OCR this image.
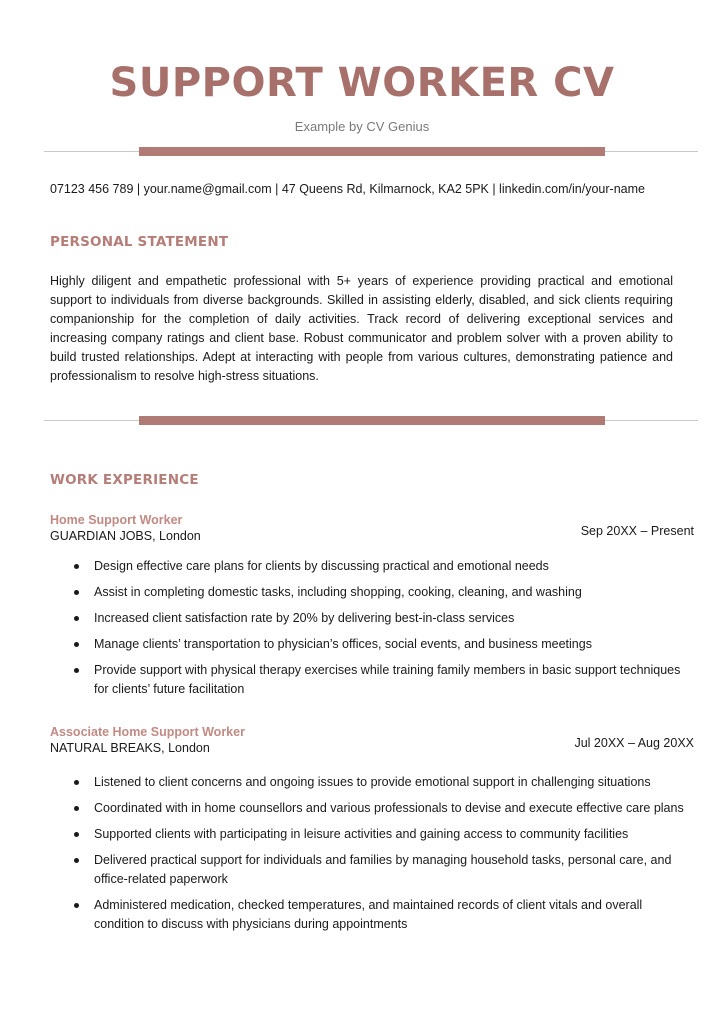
SUPPORT WORKER CV
Example by CV Genius
07123 456 789 | your.name@gmail.com | 47 Queens Rd, Kilmarnock, KA2 5PK | linkedin.com/in/your-name
PERSONAL STATEMENT

Highly diligent and empathetic professional with 5+ years of experience providing practical and emotional support to individuals from diverse backgrounds. Skilled in assisting elderly, disabled, and sick clients requiring companionship for the completion of daily activities. Track record of delivering exceptional services and increasing company ratings and client base. Robust communicator and problem solver with a proven ability to build trusted relationships. Adept at interacting with people from various cultures, demonstrating patience and professionalism to resolve high-stress situations.

WORK EXPERIENCE
Home Support Worker
GUARDIAN JOBS, London	Sep 20XX – Present
Design effective care plans for clients by discussing practical and emotional needs
Assist in completing domestic tasks, including shopping, cooking, cleaning, and washing
Increased client satisfaction rate by 20% by delivering best-in-class services
Manage clients’ transportation to physician’s offices, social events, and business meetings
Provide support with physical therapy exercises while training family members in basic support techniques for clients’ future facilitation
Associate Home Support Worker
NATURAL BREAKS, London	Jul 20XX – Aug 20XX
Listened to client concerns and ongoing issues to provide emotional support in challenging situations
Coordinated with in home counsellors and various professionals to devise and execute effective care plans
Supported clients with participating in leisure activities and gaining access to community facilities
Delivered practical support for individuals and families by managing household tasks, personal care, and office-related paperwork
Administered medication, checked temperatures, and maintained records of client vitals and overall condition to discuss with physicians during appointments
